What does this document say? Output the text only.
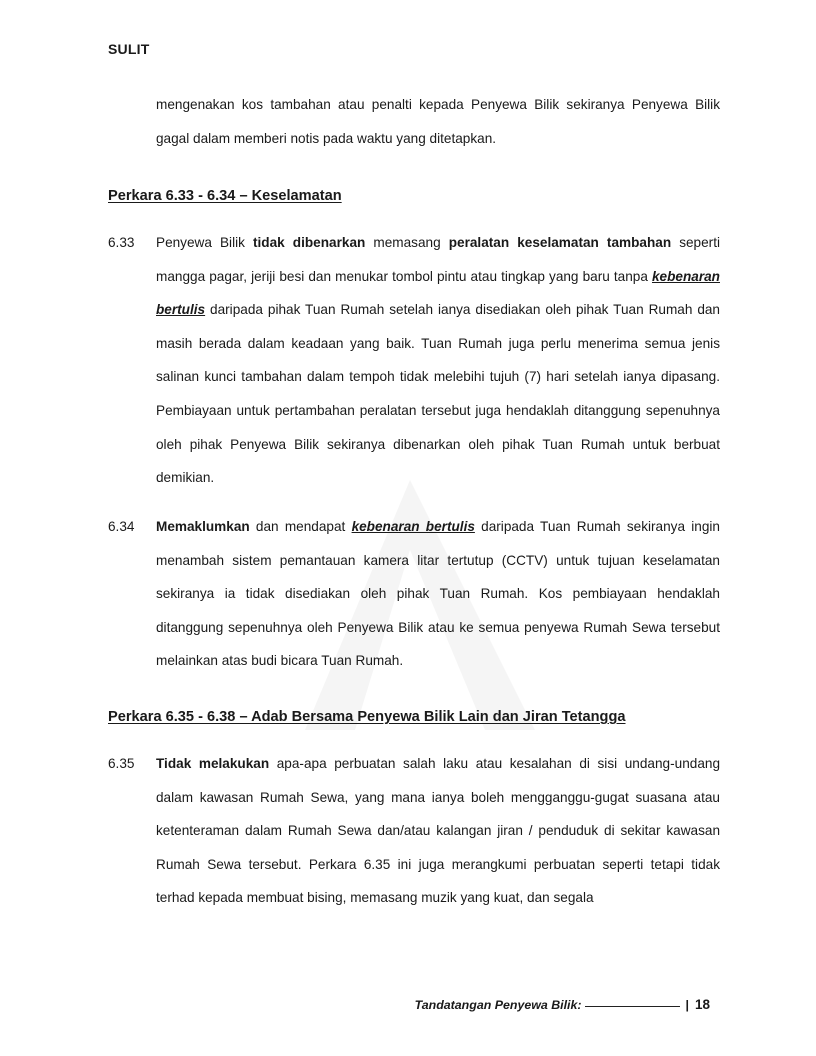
SULIT
mengenakan kos tambahan atau penalti kepada Penyewa Bilik sekiranya Penyewa Bilik gagal dalam memberi notis pada waktu yang ditetapkan.
Perkara 6.33 - 6.34 – Keselamatan
6.33 Penyewa Bilik tidak dibenarkan memasang peralatan keselamatan tambahan seperti mangga pagar, jeriji besi dan menukar tombol pintu atau tingkap yang baru tanpa kebenaran bertulis daripada pihak Tuan Rumah setelah ianya disediakan oleh pihak Tuan Rumah dan masih berada dalam keadaan yang baik. Tuan Rumah juga perlu menerima semua jenis salinan kunci tambahan dalam tempoh tidak melebihi tujuh (7) hari setelah ianya dipasang. Pembiayaan untuk pertambahan peralatan tersebut juga hendaklah ditanggung sepenuhnya oleh pihak Penyewa Bilik sekiranya dibenarkan oleh pihak Tuan Rumah untuk berbuat demikian.
6.34 Memaklumkan dan mendapat kebenaran bertulis daripada Tuan Rumah sekiranya ingin menambah sistem pemantauan kamera litar tertutup (CCTV) untuk tujuan keselamatan sekiranya ia tidak disediakan oleh pihak Tuan Rumah. Kos pembiayaan hendaklah ditanggung sepenuhnya oleh Penyewa Bilik atau ke semua penyewa Rumah Sewa tersebut melainkan atas budi bicara Tuan Rumah.
Perkara 6.35 - 6.38 – Adab Bersama Penyewa Bilik Lain dan Jiran Tetangga
6.35 Tidak melakukan apa-apa perbuatan salah laku atau kesalahan di sisi undang-undang dalam kawasan Rumah Sewa, yang mana ianya boleh mengganggu-gugat suasana atau ketenteraman dalam Rumah Sewa dan/atau kalangan jiran / penduduk di sekitar kawasan Rumah Sewa tersebut. Perkara 6.35 ini juga merangkumi perbuatan seperti tetapi tidak terhad kepada membuat bising, memasang muzik yang kuat, dan segala
Tandatangan Penyewa Bilik:	| 18
